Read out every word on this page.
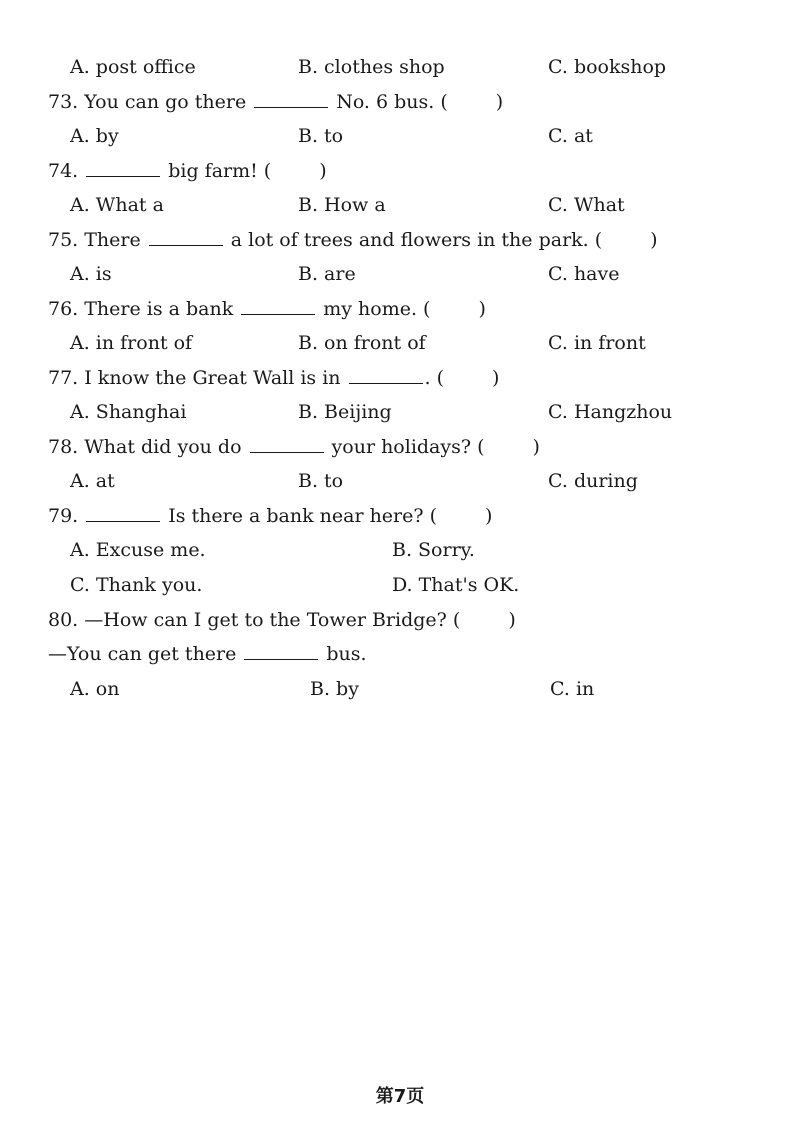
A. post office	B. clothes shop	C. bookshop
73. You can go there	No. 6 bus. (	)
A. by	B. to	C. at
74.	big farm! (	)
A. What a	B. How a	C. What
75. There	a lot of trees and flowers in the park. (	)
A. is	B. are	C. have
76. There is a bank	my home. (	)
A. in front of	B. on front of	C. in front
77. I know the Great Wall is in	. (	)
A. Shanghai	B. Beijing	C. Hangzhou
78. What did you do	your holidays? (	)
A. at	B. to	C. during
79.	Is there a bank near here? (	)
A. Excuse me.	B. Sorry.
C. Thank you.	D. That's OK.
80. —How can I get to the Tower Bridge? (	)
—You can get there	bus.
A. on	B. by	C. in
第7页
